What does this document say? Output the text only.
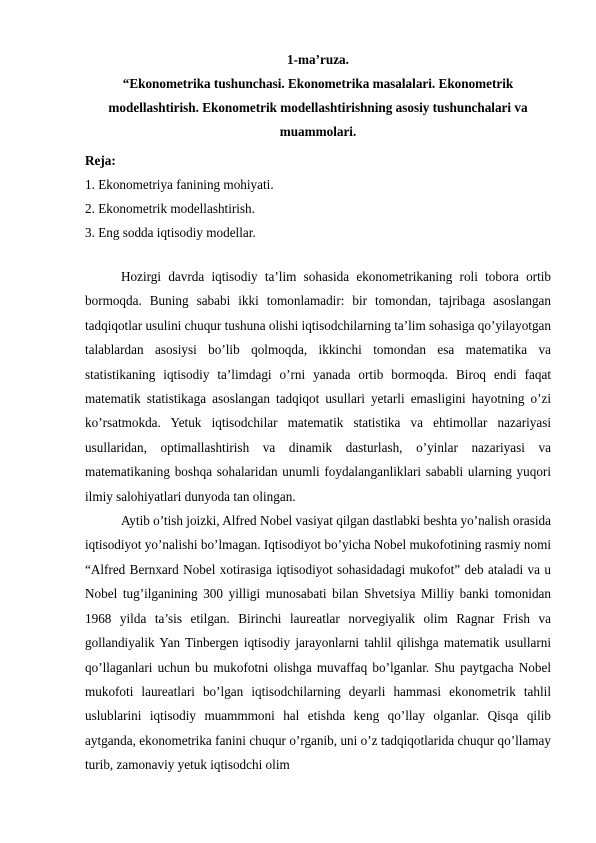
1-ma’ruza.
“Ekonometrika tushunchasi. Ekonometrika masalalari. Ekonometrik modellashtirish. Ekonometrik modellashtirishning asosiy tushunchalari va muammolari.
Reja:
1. Ekonometriya fanining mohiyati.
2. Ekonometrik modellashtirish.
3. Eng sodda iqtisodiy modellar.

Hozirgi davrda iqtisodiy ta’lim sohasida ekonometrikaning roli tobora ortib bormoqda. Buning sababi ikki tomonlamadir: bir tomondan, tajribaga asoslangan tadqiqotlar usulini chuqur tushuna olishi iqtisodchilarning ta’lim sohasiga qo’yilayotgan talablardan asosiysi bo’lib qolmoqda, ikkinchi tomondan esa matematika va statistikaning iqtisodiy ta’limdagi o’rni yanada ortib bormoqda. Biroq endi faqat matematik statistikaga asoslangan tadqiqot usullari yetarli emasligini hayotning o’zi ko’rsatmokda. Yetuk iqtisodchilar matematik statistika va ehtimollar nazariyasi usullaridan, optimallashtirish va dinamik dasturlash, o’yinlar nazariyasi va matematikaning boshqa sohalaridan unumli foydalanganliklari sababli ularning yuqori ilmiy salohiyatlari dunyoda tan olingan.

Aytib o’tish joizki, Alfred Nobel vasiyat qilgan dastlabki beshta yo’nalish orasida iqtisodiyot yo’nalishi bo’lmagan. Iqtisodiyot bo’yicha Nobel mukofotining rasmiy nomi “Alfred Bernxard Nobel xotirasiga iqtisodiyot sohasidadagi mukofot” deb ataladi va u Nobel tug’ilganining 300 yilligi munosabati bilan Shvetsiya Milliy banki tomonidan 1968 yilda ta’sis etilgan. Birinchi laureatlar norvegiyalik olim Ragnar Frish va gollandiyalik Yan Tinbergen iqtisodiy jarayonlarni tahlil qilishga matematik usullarni qo’llaganlari uchun bu mukofotni olishga muvaffaq bo’lganlar. Shu paytgacha Nobel mukofoti laureatlari bo’lgan iqtisodchilarning deyarli hammasi ekonometrik tahlil uslublarini iqtisodiy muammmoni hal etishda keng qo’llay olganlar. Qisqa qilib aytganda, ekonometrika fanini chuqur o’rganib, uni o’z tadqiqotlarida chuqur qo’llamay turib, zamonaviy yetuk iqtisodchi olim
